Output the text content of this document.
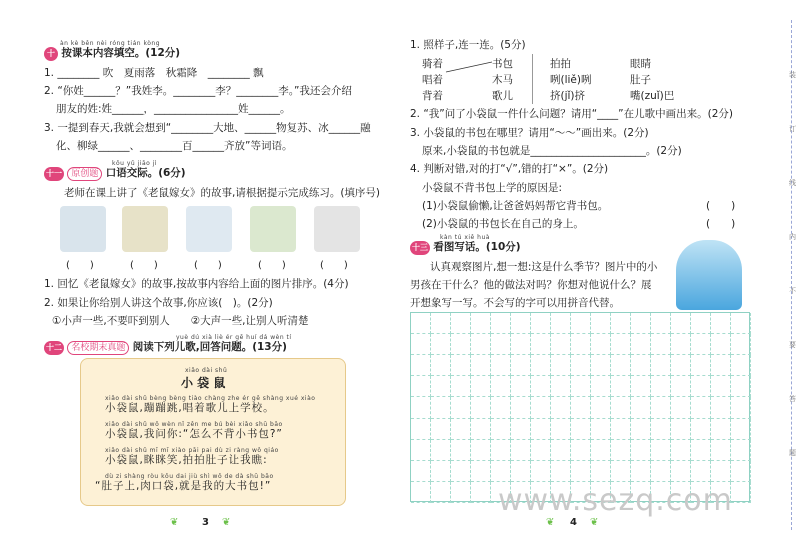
àn kè běn nèi róng tián kòng
十 按课本内容填空。(12分)
1. ________ 吹　夏雨落　秋霜降　________ 飘
2. “你姓______？”我姓李。________李？________李。”我还会介绍
朋友的姓:姓______，________________姓______。
3. 一提到春天,我就会想到“________大地、______物复苏、冰______融
化、柳绿______、________百______齐放”等词语。
kǒu yǔ jiāo jì
十一 原创题 口语交际。(6分)
老师在课上讲了《老鼠嫁女》的故事,请根据提示完成练习。(填序号)
(　　)	(　　)	(　　)	(　　)	(　　)
1. 回忆《老鼠嫁女》的故事,按故事内容给上面的图片排序。(4分)
2. 如果让你给别人讲这个故事,你应该(　)。(2分)
①小声一些,不要吓到别人　　②大声一些,让别人听清楚
yuè dú xià liè ér gē huí dá wèn tí
十二 名校期末真题 阅读下列儿歌,回答问题。(13分)
xiǎo dài shǔ
小 袋 鼠
xiǎo dài shǔ bèng bèng tiào chàng zhe ér gē shàng xué xiào
小袋鼠,蹦蹦跳,唱着歌儿上学校。
xiǎo dài shǔ wǒ wèn nǐ zěn me bú bèi xiǎo shū bāo
小袋鼠,我问你:“怎么不背小书包?”
xiǎo dài shǔ mī mī xiào pāi pai dù zi ràng wǒ qiáo
小袋鼠,眯眯笑,拍拍肚子让我瞧:
dù zi shàng ròu kǒu dai jiù shì wǒ de dà shū bāo
“肚子上,肉口袋,就是我的大书包!”
❦ 3 ❦
1. 照样子,连一连。(5分)
骑着
唱着
背着
书包
木马
歌儿
拍拍
咧(liě)咧
挤(jǐ)挤
眼睛
肚子
嘴(zuǐ)巴
2. “我”问了小袋鼠一件什么问题？请用“____”在儿歌中画出来。(2分)
3. 小袋鼠的书包在哪里？请用“～～”画出来。(2分)
原来,小袋鼠的书包就是______________________。(2分)
4. 判断对错,对的打“√”,错的打“×”。(2分)
小袋鼠不背书包上学的原因是:
(1)小袋鼠偷懒,让爸爸妈妈帮它背书包。	(　　)
(2)小袋鼠的书包长在自己的身上。	(　　)
kàn tú xiě huà
十三 看图写话。(10分)
认真观察图片,想一想:这是什么季节？图片中的小
男孩在干什么？他的做法对吗？你想对他说什么？展
开想象写一写。不会写的字可以用拼音代替。
❦ 4 ❦
装
订
线
内
不
要
答
题
www.sezq.com
